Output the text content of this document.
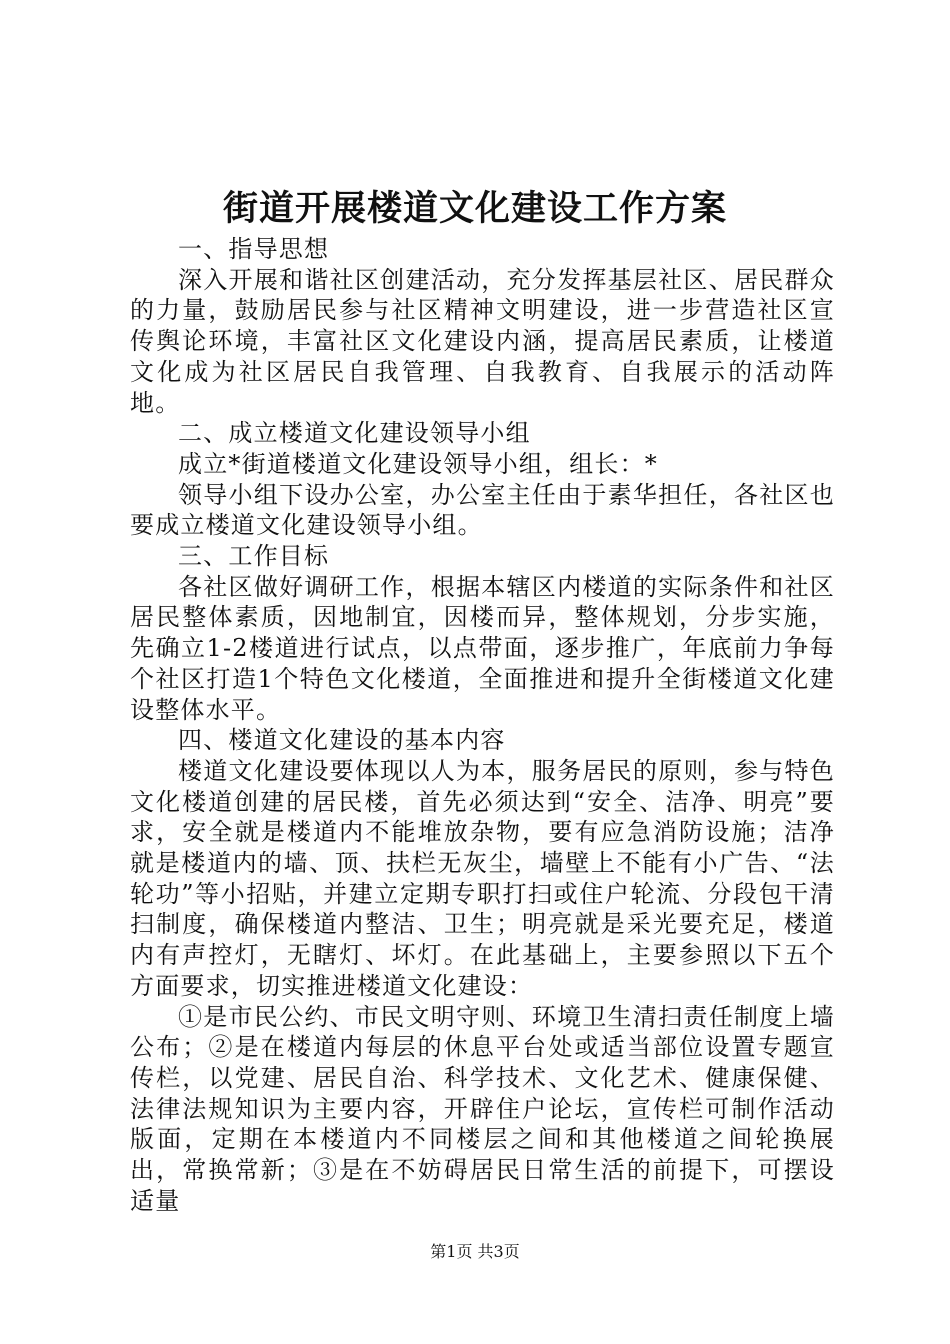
街道开展楼道文化建设工作方案

一、指导思想

深入开展和谐社区创建活动，充分发挥基层社区、居民群众的力量，鼓励居民参与社区精神文明建设，进一步营造社区宣传舆论环境，丰富社区文化建设内涵，提高居民素质，让楼道文化成为社区居民自我管理、自我教育、自我展示的活动阵地。

二、成立楼道文化建设领导小组

成立*街道楼道文化建设领导小组，组长：*

领导小组下设办公室，办公室主任由于素华担任，各社区也要成立楼道文化建设领导小组。

三、工作目标

各社区做好调研工作，根据本辖区内楼道的实际条件和社区居民整体素质，因地制宜，因楼而异，整体规划，分步实施，先确立1-2楼道进行试点，以点带面，逐步推广，年底前力争每个社区打造1个特色文化楼道，全面推进和提升全街楼道文化建设整体水平。

四、楼道文化建设的基本内容

楼道文化建设要体现以人为本，服务居民的原则，参与特色文化楼道创建的居民楼，首先必须达到“安全、洁净、明亮”要求，安全就是楼道内不能堆放杂物，要有应急消防设施；洁净就是楼道内的墙、顶、扶栏无灰尘，墙壁上不能有小广告、“法轮功”等小招贴，并建立定期专职打扫或住户轮流、分段包干清扫制度，确保楼道内整洁、卫生；明亮就是采光要充足，楼道内有声控灯，无瞎灯、坏灯。在此基础上，主要参照以下五个方面要求，切实推进楼道文化建设：

①是市民公约、市民文明守则、环境卫生清扫责任制度上墙公布；②是在楼道内每层的休息平台处或适当部位设置专题宣传栏，以党建、居民自治、科学技术、文化艺术、健康保健、法律法规知识为主要内容，开辟住户论坛，宣传栏可制作活动版面，定期在本楼道内不同楼层之间和其他楼道之间轮换展出，常换常新；③是在不妨碍居民日常生活的前提下，可摆设适量

第1页 共3页
